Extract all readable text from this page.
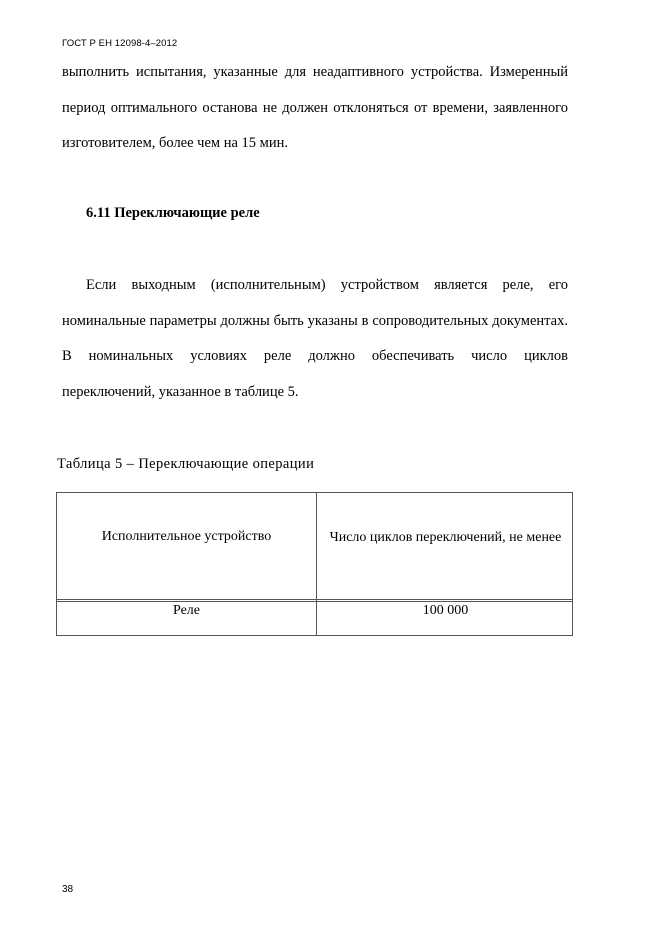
ГОСТ Р ЕН 12098-4–2012

выполнить испытания, указанные для неадаптивного устройства. Измеренный период оптимального останова не должен отклоняться от времени, заявленного изготовителем, более чем на 15 мин.

6.11 Переключающие реле

Если выходным (исполнительным) устройством является реле, его номинальные параметры должны быть указаны в сопроводительных документах. В номинальных условиях реле должно обеспечивать число циклов переключений, указанное в таблице 5.

Таблица 5 – Переключающие операции

Исполнительное устройство	Число циклов переключений, не менее
Реле	100 000
38
